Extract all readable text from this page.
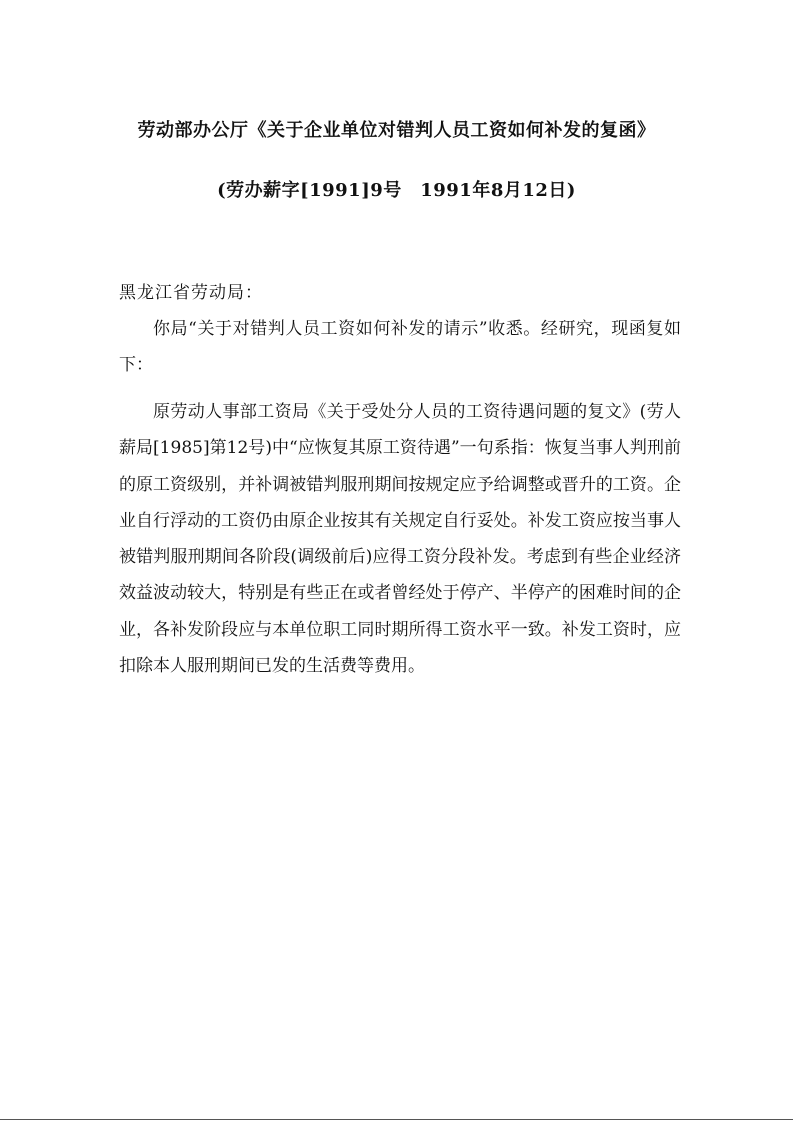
劳动部办公厅《关于企业单位对错判人员工资如何补发的复函》
(劳办薪字[1991]9号　1991年8月12日)
黑龙江省劳动局：

你局“关于对错判人员工资如何补发的请示”收悉。经研究，现函复如下：

原劳动人事部工资局《关于受处分人员的工资待遇问题的复文》(劳人薪局[1985]第12号)中“应恢复其原工资待遇”一句系指：恢复当事人判刑前的原工资级别，并补调被错判服刑期间按规定应予给调整或晋升的工资。企业自行浮动的工资仍由原企业按其有关规定自行妥处。补发工资应按当事人被错判服刑期间各阶段(调级前后)应得工资分段补发。考虑到有些企业经济效益波动较大，特别是有些正在或者曾经处于停产、半停产的困难时间的企业，各补发阶段应与本单位职工同时期所得工资水平一致。补发工资时，应扣除本人服刑期间已发的生活费等费用。
